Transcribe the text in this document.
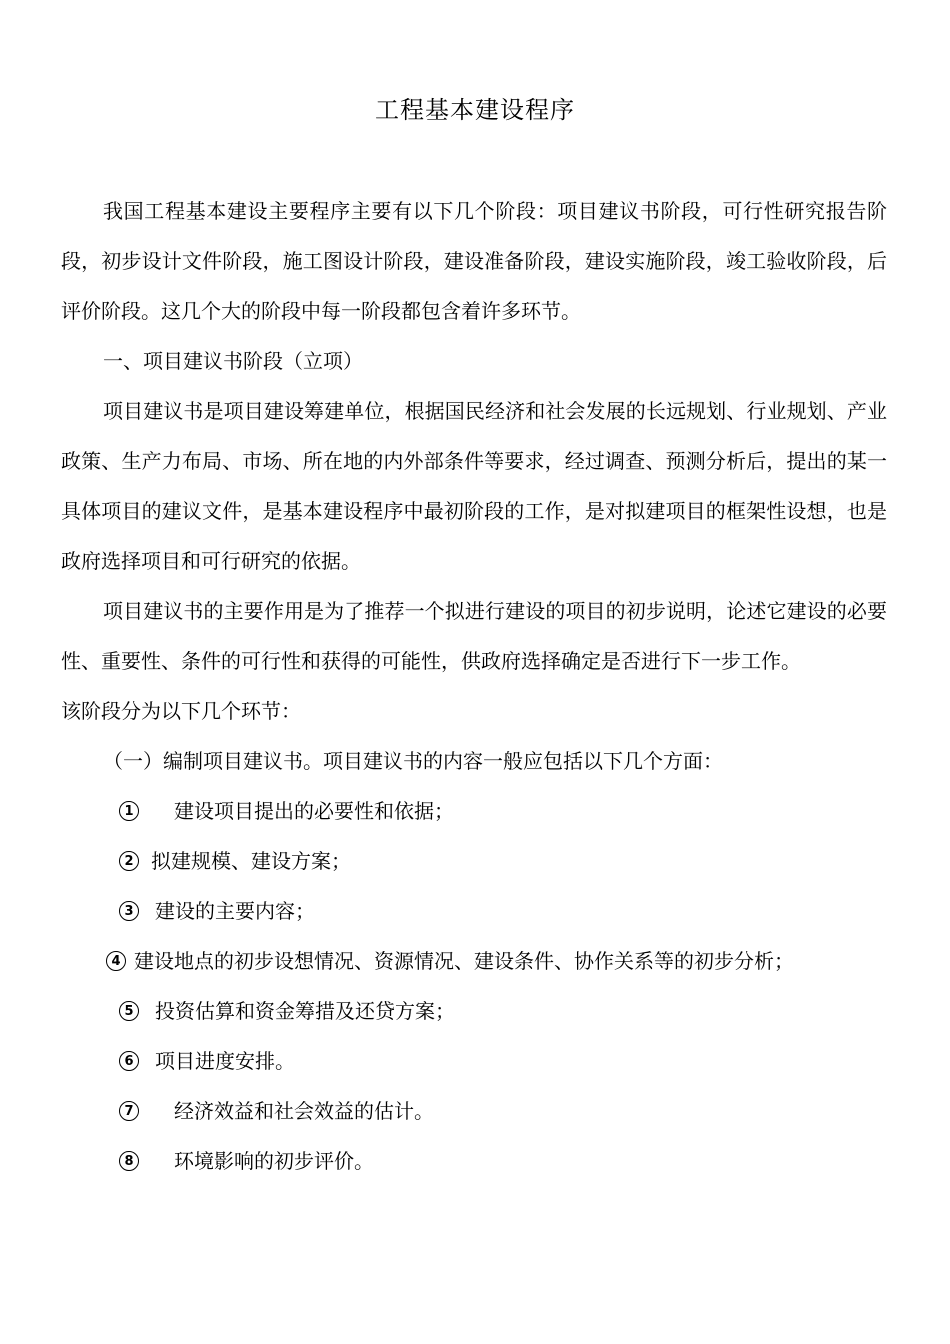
工程基本建设程序

我国工程基本建设主要程序主要有以下几个阶段：项目建议书阶段，可行性研究报告阶段，初步设计文件阶段，施工图设计阶段，建设准备阶段，建设实施阶段，竣工验收阶段，后评价阶段。这几个大的阶段中每一阶段都包含着许多环节。

一、项目建议书阶段（立项）

项目建议书是项目建设筹建单位，根据国民经济和社会发展的长远规划、行业规划、产业政策、生产力布局、市场、所在地的内外部条件等要求，经过调查、预测分析后，提出的某一具体项目的建议文件，是基本建设程序中最初阶段的工作，是对拟建项目的框架性设想，也是政府选择项目和可行研究的依据。

项目建议书的主要作用是为了推荐一个拟进行建设的项目的初步说明，论述它建设的必要性、重要性、条件的可行性和获得的可能性，供政府选择确定是否进行下一步工作。

该阶段分为以下几个环节：

（一）编制项目建议书。项目建议书的内容一般应包括以下几个方面：

1 建设项目提出的必要性和依据；
2 拟建规模、建设方案；
3 建设的主要内容；
4 建设地点的初步设想情况、资源情况、建设条件、协作关系等的初步分析；
5 投资估算和资金筹措及还贷方案；
6 项目进度安排。
7 经济效益和社会效益的估计。
8 环境影响的初步评价。
